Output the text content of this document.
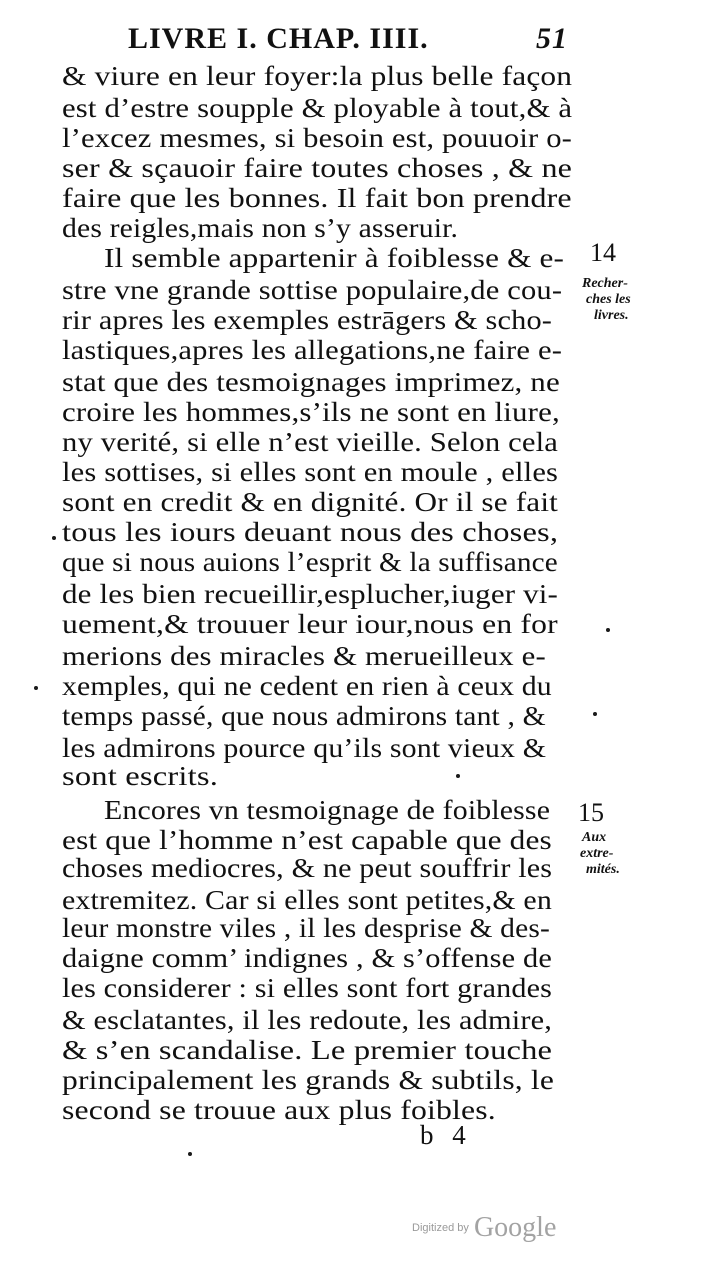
LIVRE I. CHAP. IIII.	51
& viure en leur foyer:la plus belle façon
est d’estre soupple & ployable à tout,& à
l’excez mesmes, si besoin est, pouuoir o-
ser & sçauoir faire toutes choses , & ne
faire que les bonnes. Il fait bon prendre
des reigles,mais non s’y asseruir.
Il semble appartenir à foiblesse & e-
stre vne grande sottise populaire,de cou-
rir apres les exemples estrāgers & scho-
lastiques,apres les allegations,ne faire e-
stat que des tesmoignages imprimez, ne
croire les hommes,s’ils ne sont en liure,
ny verité, si elle n’est vieille. Selon cela
les sottises, si elles sont en moule , elles
sont en credit & en dignité. Or il se fait
tous les iours deuant nous des choses,
que si nous auions l’esprit & la suffisance
de les bien recueillir,esplucher,iuger vi-
uement,& trouuer leur iour,nous en for
merions des miracles & merueilleux e-
xemples, qui ne cedent en rien à ceux du
temps passé, que nous admirons tant , &
les admirons pource qu’ils sont vieux &
sont escrits.
Encores vn tesmoignage de foiblesse
est que l’homme n’est capable que des
choses mediocres, & ne peut souffrir les
extremitez. Car si elles sont petites,& en
leur monstre viles , il les desprise & des-
daigne comm’ indignes , & s’offense de
les considerer : si elles sont fort grandes
& esclatantes, il les redoute, les admire,
& s’en scandalise. Le premier touche
principalement les grands & subtils, le
second se trouue aux plus foibles.
14
Recher-
ches les
livres.
15
Aux
extre-
mités.
b 4
Digitized by Google
